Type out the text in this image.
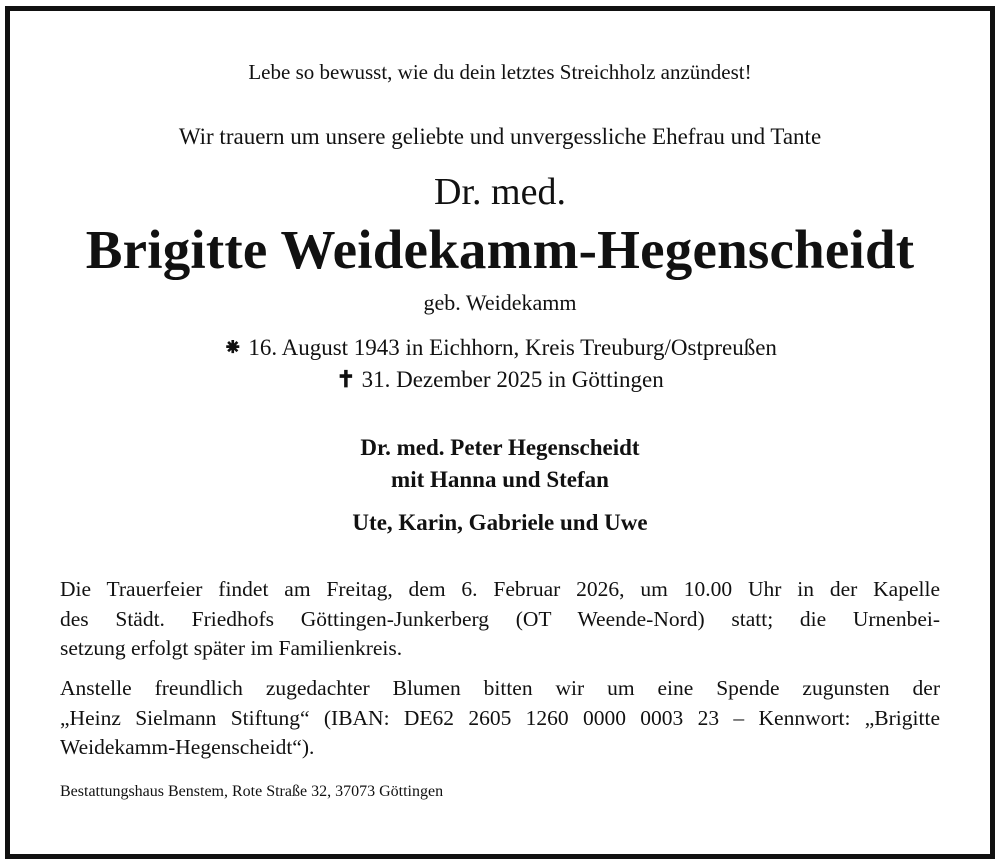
Lebe so bewusst, wie du dein letztes Streichholz anzündest!
Wir trauern um unsere geliebte und unvergessliche Ehefrau und Tante
Dr. med.
Brigitte Weidekamm-Hegenscheidt
geb. Weidekamm
⁕ 16. August 1943 in Eichhorn, Kreis Treuburg/Ostpreußen
✝ 31. Dezember 2025 in Göttingen
Dr. med. Peter Hegenscheidt
mit Hanna und Stefan
Ute, Karin, Gabriele und Uwe
Die Trauerfeier findet am Freitag, dem 6. Februar 2026, um 10.00 Uhr in der Kapelle
des Städt. Friedhofs Göttingen-Junkerberg (OT Weende-Nord) statt; die Urnenbei-
setzung erfolgt später im Familienkreis.
Anstelle freundlich zugedachter Blumen bitten wir um eine Spende zugunsten der
„Heinz Sielmann Stiftung“ (IBAN: DE62 2605 1260 0000 0003 23 – Kennwort: „Brigitte
Weidekamm-Hegenscheidt“).
Bestattungshaus Benstem, Rote Straße 32, 37073 Göttingen
